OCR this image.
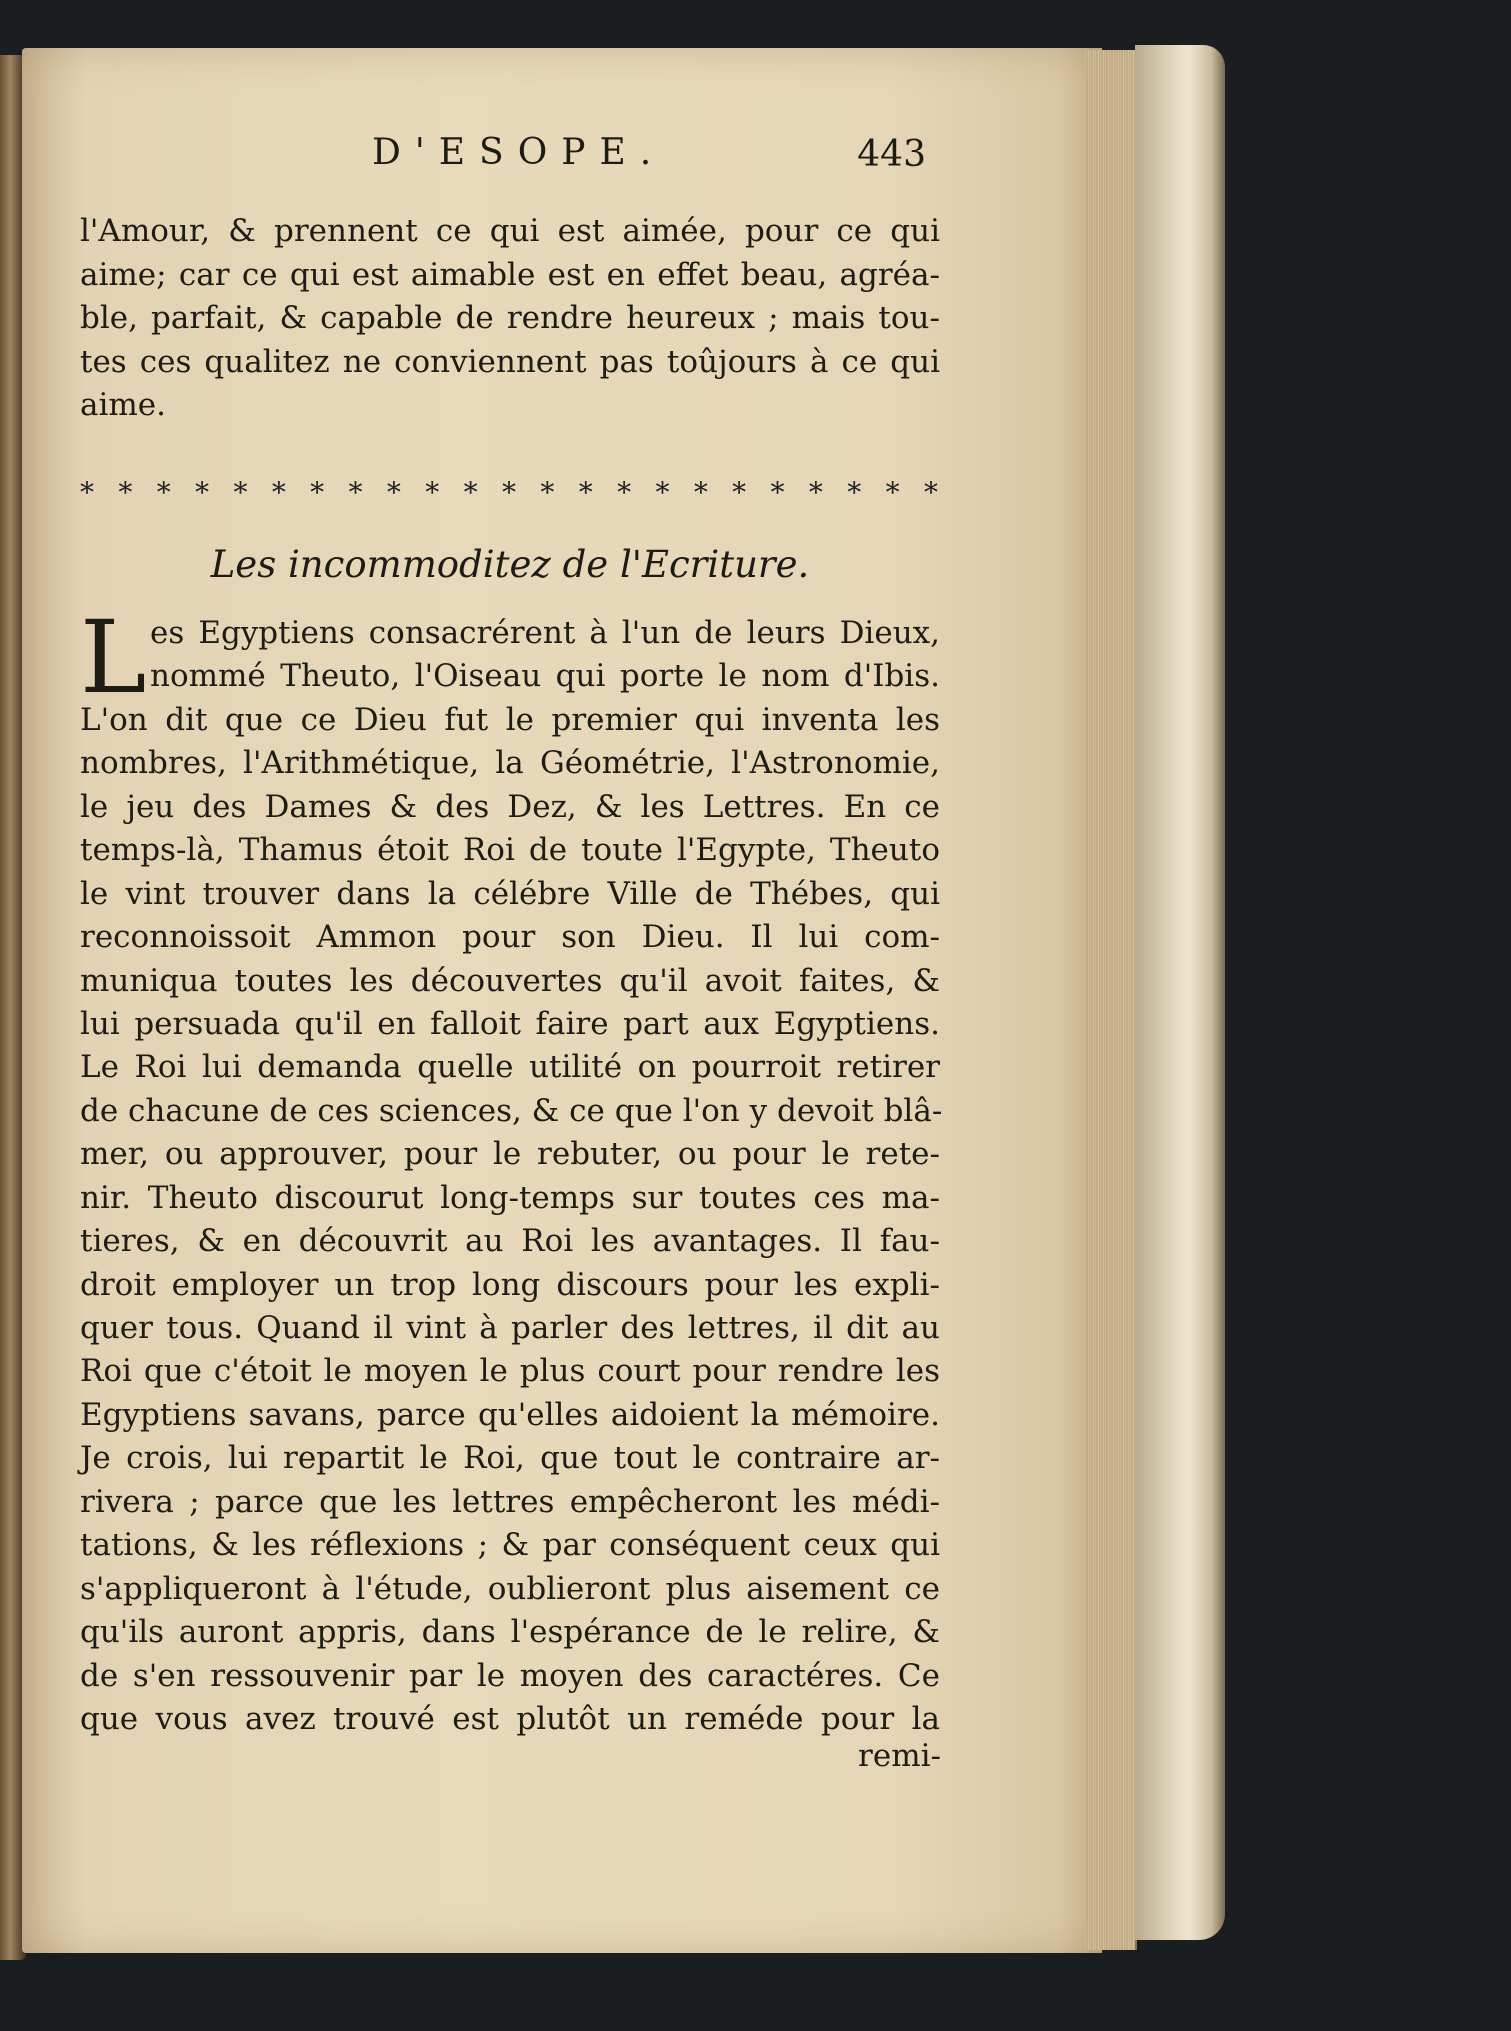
D'ESOPE.	443
l'Amour, & prennent ce qui est aimée, pour ce qui
aime; car ce qui est aimable est en effet beau, agréa-
ble, parfait, & capable de rendre heureux ; mais tou-
tes ces qualitez ne conviennent pas toûjours à ce qui
aime.
* * * * * * * * * * * * * * * * * * * * * * *
Les incommoditez de l'Ecriture.
L es Egyptiens consacrérent à l'un de leurs Dieux,
nommé Theuto, l'Oiseau qui porte le nom d'Ibis.
L'on dit que ce Dieu fut le premier qui inventa les
nombres, l'Arithmétique, la Géométrie, l'Astronomie,
le jeu des Dames & des Dez, & les Lettres. En ce
temps-là, Thamus étoit Roi de toute l'Egypte, Theuto
le vint trouver dans la célébre Ville de Thébes, qui
reconnoissoit Ammon pour son Dieu. Il lui com-
muniqua toutes les découvertes qu'il avoit faites, &
lui persuada qu'il en falloit faire part aux Egyptiens.
Le Roi lui demanda quelle utilité on pourroit retirer
de chacune de ces sciences, & ce que l'on y devoit blâ-
mer, ou approuver, pour le rebuter, ou pour le rete-
nir. Theuto discourut long-temps sur toutes ces ma-
tieres, & en découvrit au Roi les avantages. Il fau-
droit employer un trop long discours pour les expli-
quer tous. Quand il vint à parler des lettres, il dit au
Roi que c'étoit le moyen le plus court pour rendre les
Egyptiens savans, parce qu'elles aidoient la mémoire.
Je crois, lui repartit le Roi, que tout le contraire ar-
rivera ; parce que les lettres empêcheront les médi-
tations, & les réflexions ; & par conséquent ceux qui
s'appliqueront à l'étude, oublieront plus aisement ce
qu'ils auront appris, dans l'espérance de le relire, &
de s'en ressouvenir par le moyen des caractéres. Ce
que vous avez trouvé est plutôt un reméde pour la
remi-
